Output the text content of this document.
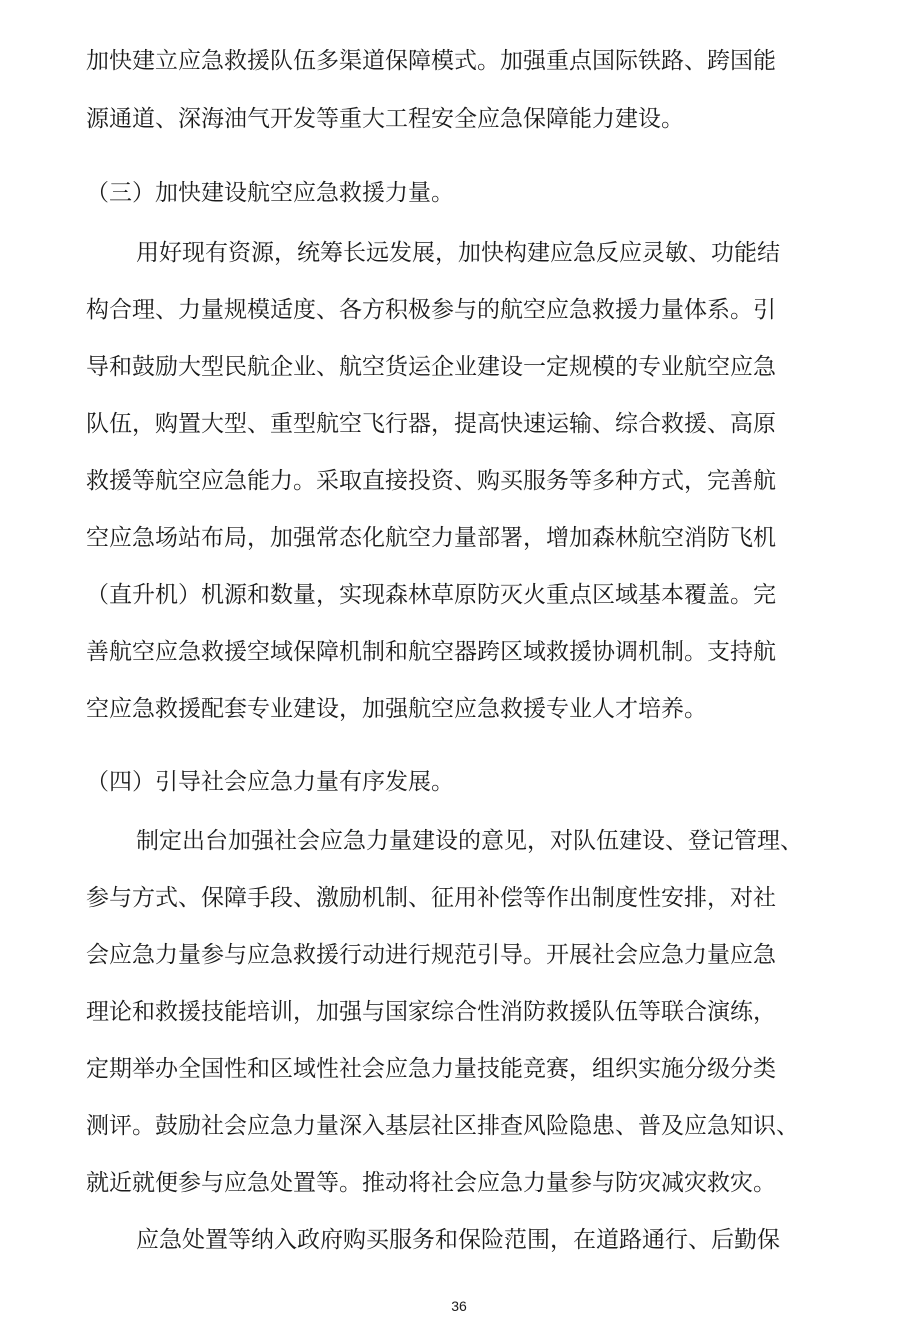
加快建立应急救援队伍多渠道保障模式。加强重点国际铁路、跨国能
源通道、深海油气开发等重大工程安全应急保障能力建设。
（三）加快建设航空应急救援力量。
用好现有资源，统筹长远发展，加快构建应急反应灵敏、功能结
构合理、力量规模适度、各方积极参与的航空应急救援力量体系。引
导和鼓励大型民航企业、航空货运企业建设一定规模的专业航空应急
队伍，购置大型、重型航空飞行器，提高快速运输、综合救援、高原
救援等航空应急能力。采取直接投资、购买服务等多种方式，完善航
空应急场站布局，加强常态化航空力量部署，增加森林航空消防飞机
（直升机）机源和数量，实现森林草原防灭火重点区域基本覆盖。完
善航空应急救援空域保障机制和航空器跨区域救援协调机制。支持航
空应急救援配套专业建设，加强航空应急救援专业人才培养。
（四）引导社会应急力量有序发展。
制定出台加强社会应急力量建设的意见，对队伍建设、登记管理、
参与方式、保障手段、激励机制、征用补偿等作出制度性安排，对社
会应急力量参与应急救援行动进行规范引导。开展社会应急力量应急
理论和救援技能培训，加强与国家综合性消防救援队伍等联合演练，
定期举办全国性和区域性社会应急力量技能竞赛，组织实施分级分类
测评。鼓励社会应急力量深入基层社区排查风险隐患、普及应急知识、
就近就便参与应急处置等。推动将社会应急力量参与防灾减灾救灾。
应急处置等纳入政府购买服务和保险范围，在道路通行、后勤保
36
